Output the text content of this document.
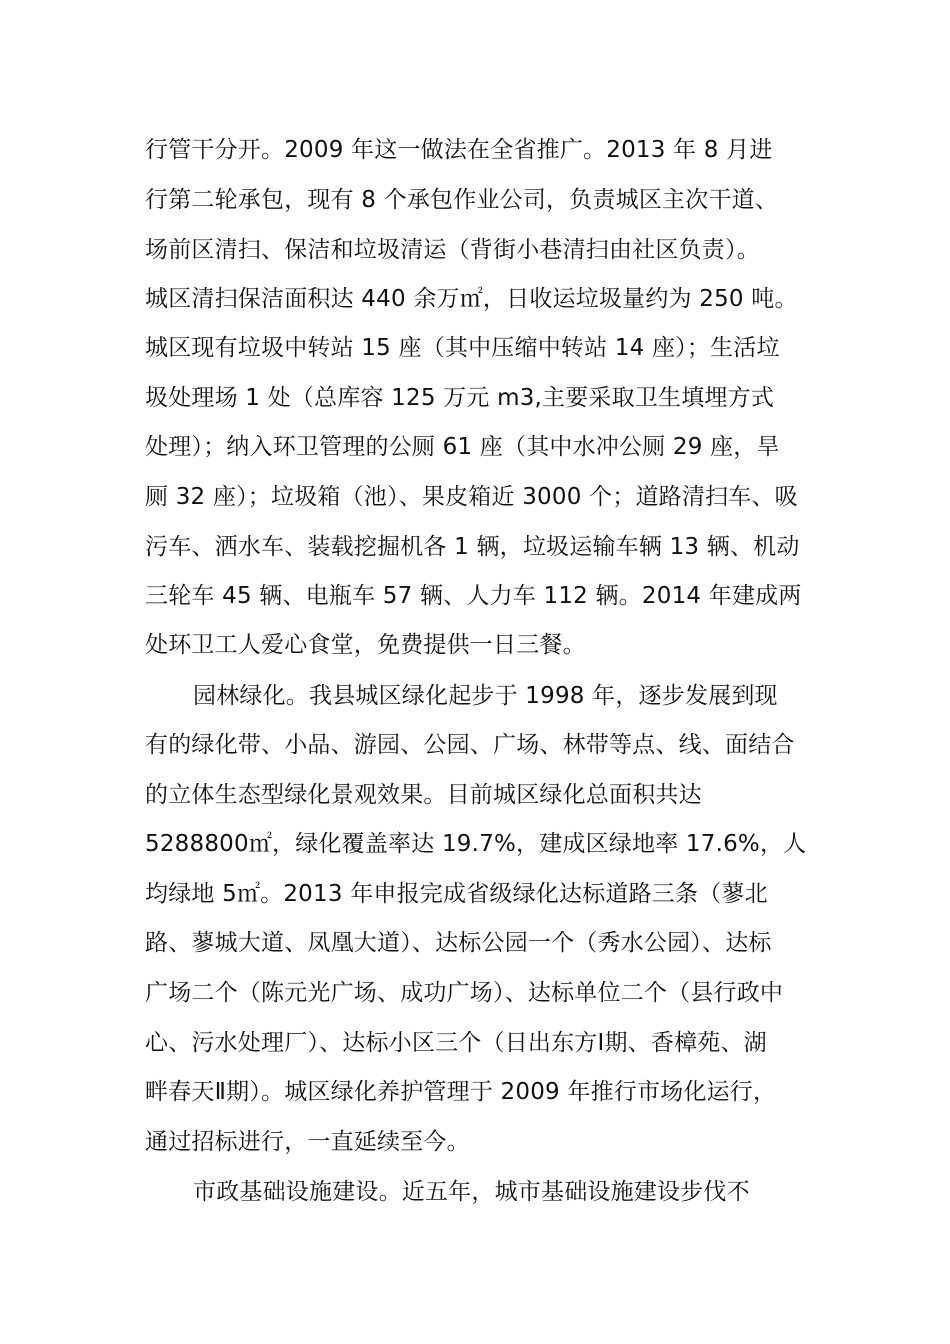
行管干分开。2009 年这一做法在全省推广。2013 年 8 月进
行第二轮承包，现有 8 个承包作业公司，负责城区主次干道、
场前区清扫、保洁和垃圾清运（背街小巷清扫由社区负责）。
城区清扫保洁面积达 440 余万㎡，日收运垃圾量约为 250 吨。
城区现有垃圾中转站 15 座（其中压缩中转站 14 座）；生活垃
圾处理场 1 处（总库容 125 万元 m3,主要采取卫生填埋方式
处理）；纳入环卫管理的公厕 61 座（其中水冲公厕 29 座，旱
厕 32 座）；垃圾箱（池）、果皮箱近 3000 个；道路清扫车、吸
污车、洒水车、装载挖掘机各 1 辆，垃圾运输车辆 13 辆、机动
三轮车 45 辆、电瓶车 57 辆、人力车 112 辆。2014 年建成两
处环卫工人爱心食堂，免费提供一日三餐。
园林绿化。我县城区绿化起步于 1998 年，逐步发展到现
有的绿化带、小品、游园、公园、广场、林带等点、线、面结合
的立体生态型绿化景观效果。目前城区绿化总面积共达
5288800㎡，绿化覆盖率达 19.7%，建成区绿地率 17.6%，人
均绿地 5㎡。2013 年申报完成省级绿化达标道路三条（蓼北
路、蓼城大道、凤凰大道）、达标公园一个（秀水公园）、达标
广场二个（陈元光广场、成功广场）、达标单位二个（县行政中
心、污水处理厂）、达标小区三个（日出东方Ⅰ期、香樟苑、湖
畔春天Ⅱ期）。城区绿化养护管理于 2009 年推行市场化运行，
通过招标进行，一直延续至今。
市政基础设施建设。近五年，城市基础设施建设步伐不
